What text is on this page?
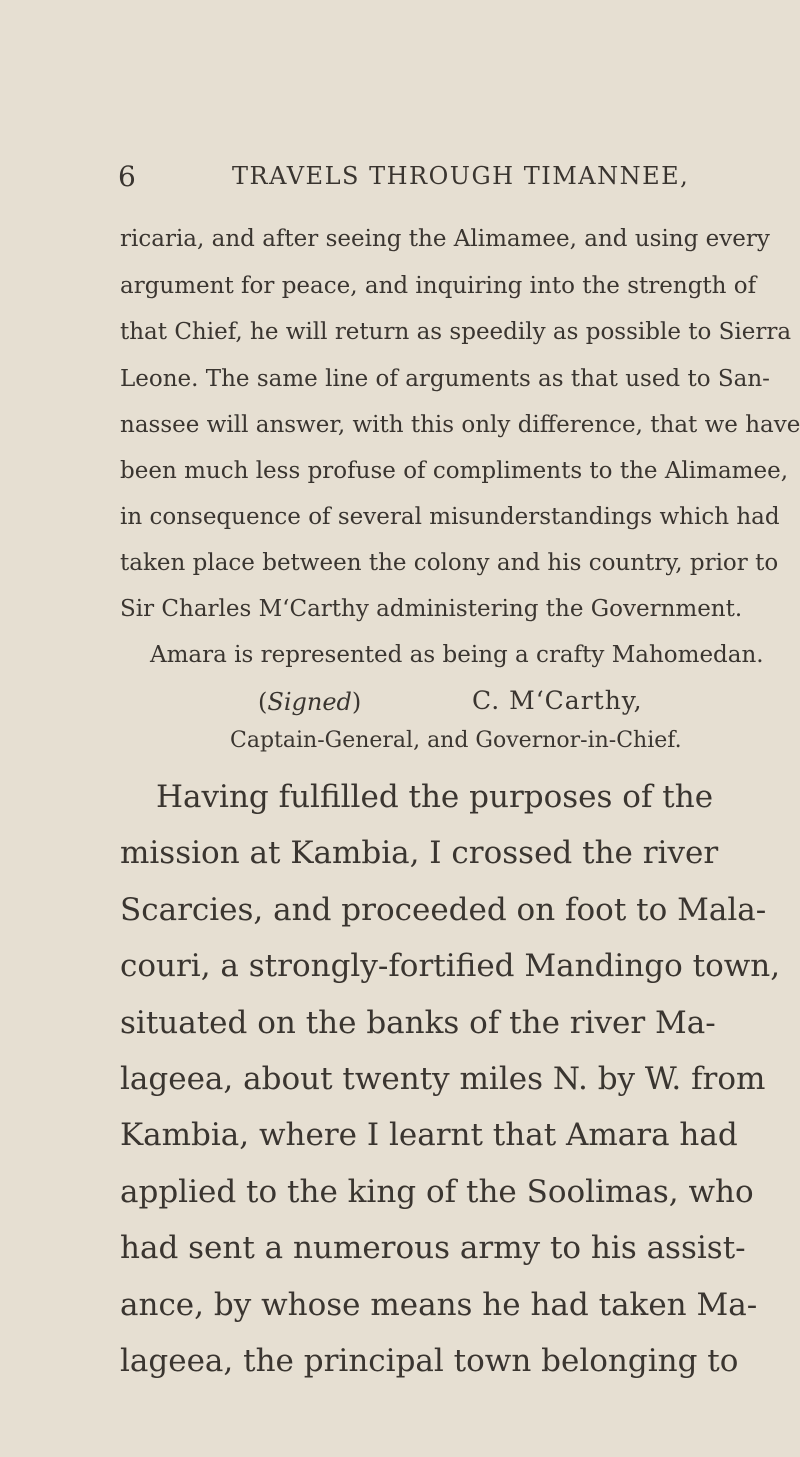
6	TRAVELS THROUGH TIMANNEE,
ricaria, and after seeing the Alimamee, and using every
argument for peace, and inquiring into the strength of
that Chief, he will return as speedily as possible to Sierra
Leone. The same line of arguments as that used to San-
nassee will answer, with this only difference, that we have
been much less profuse of compliments to the Alimamee,
in consequence of several misunderstandings which had
taken place between the colony and his country, prior to
Sir Charles M‘Carthy administering the Government.
Amara is represented as being a crafty Mahomedan.
(Signed)	C. M‘Carthy,
Captain-General, and Governor-in-Chief.
Having fulfilled the purposes of the
mission at Kambia, I crossed the river
Scarcies, and proceeded on foot to Mala-
couri, a strongly-fortified Mandingo town,
situated on the banks of the river Ma-
lageea, about twenty miles N. by W. from
Kambia, where I learnt that Amara had
applied to the king of the Soolimas, who
had sent a numerous army to his assist-
ance, by whose means he had taken Ma-
lageea, the principal town belonging to
